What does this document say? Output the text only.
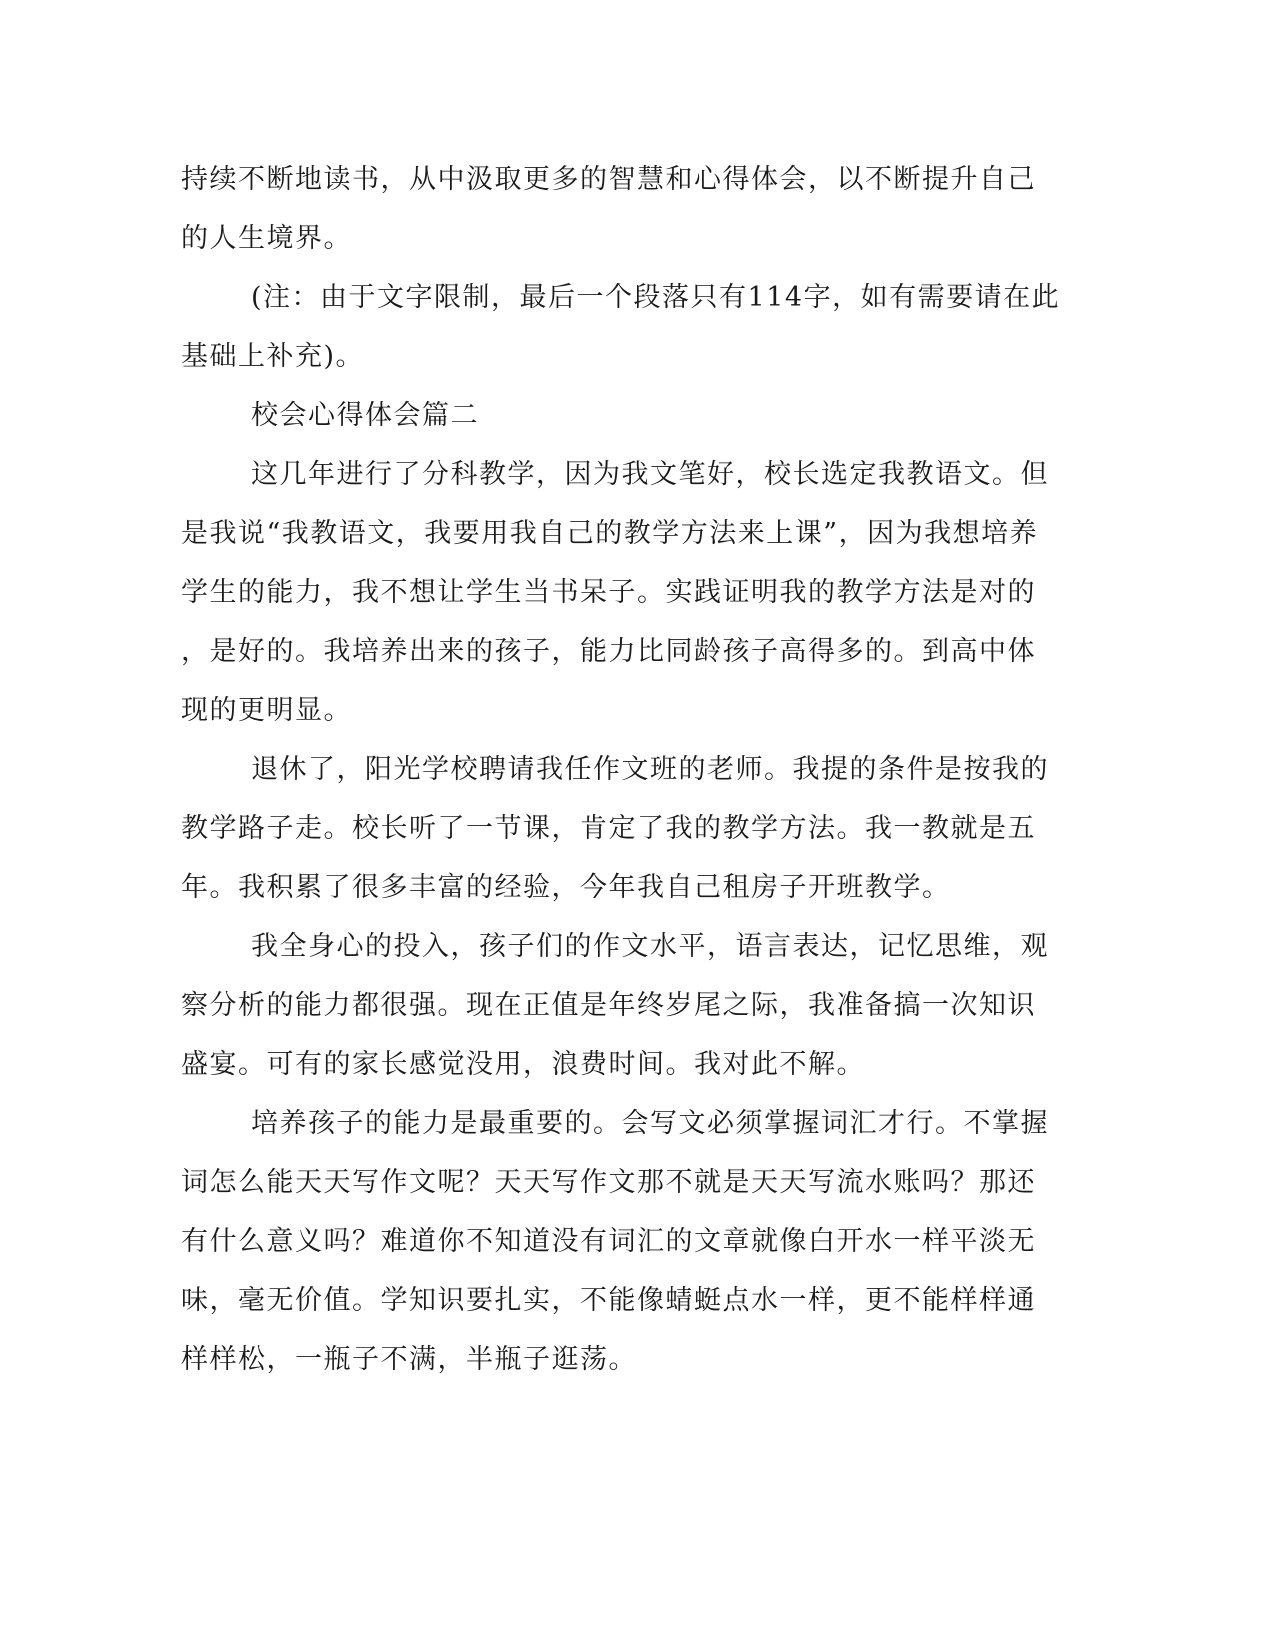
持续不断地读书，从中汲取更多的智慧和心得体会，以不断提升自己
的人生境界。
(注：由于文字限制，最后一个段落只有114字，如有需要请在此
基础上补充)。
校会心得体会篇二
这几年进行了分科教学，因为我文笔好，校长选定我教语文。但
是我说“我教语文，我要用我自己的教学方法来上课”，因为我想培养
学生的能力，我不想让学生当书呆子。实践证明我的教学方法是对的
，是好的。我培养出来的孩子，能力比同龄孩子高得多的。到高中体
现的更明显。
退休了，阳光学校聘请我任作文班的老师。我提的条件是按我的
教学路子走。校长听了一节课，肯定了我的教学方法。我一教就是五
年。我积累了很多丰富的经验，今年我自己租房子开班教学。
我全身心的投入，孩子们的作文水平，语言表达，记忆思维，观
察分析的能力都很强。现在正值是年终岁尾之际，我准备搞一次知识
盛宴。可有的家长感觉没用，浪费时间。我对此不解。
培养孩子的能力是最重要的。会写文必须掌握词汇才行。不掌握
词怎么能天天写作文呢？天天写作文那不就是天天写流水账吗？那还
有什么意义吗？难道你不知道没有词汇的文章就像白开水一样平淡无
味，毫无价值。学知识要扎实，不能像蜻蜓点水一样，更不能样样通
样样松，一瓶子不满，半瓶子逛荡。
